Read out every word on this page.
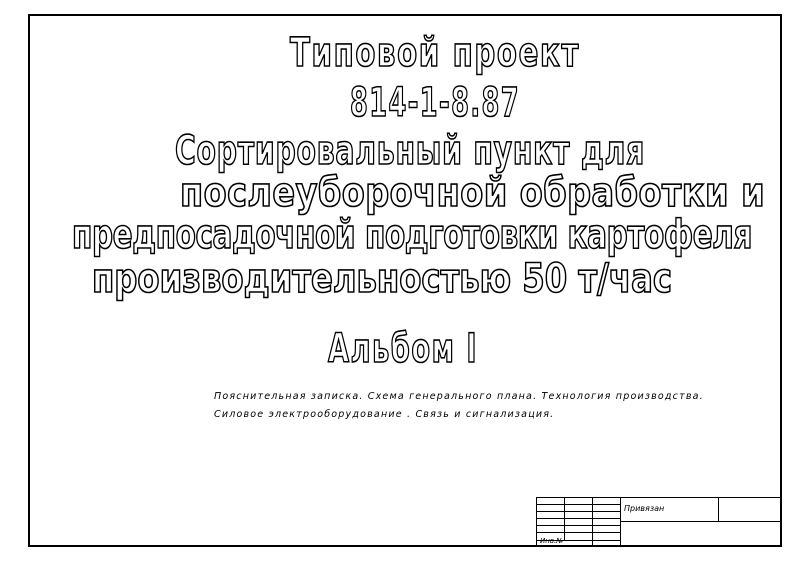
Типовой проект
814-1-8.87
Сортировальный пункт для
послеуборочной обработки и
предпосадочной подготовки картофеля
производительностью 50 т/час
Альбом I
Пояснительная записка. Схема генерального плана. Технология производства.
Силовое электрооборудование . Связь и сигнализация.
Привязан
Инв.№
